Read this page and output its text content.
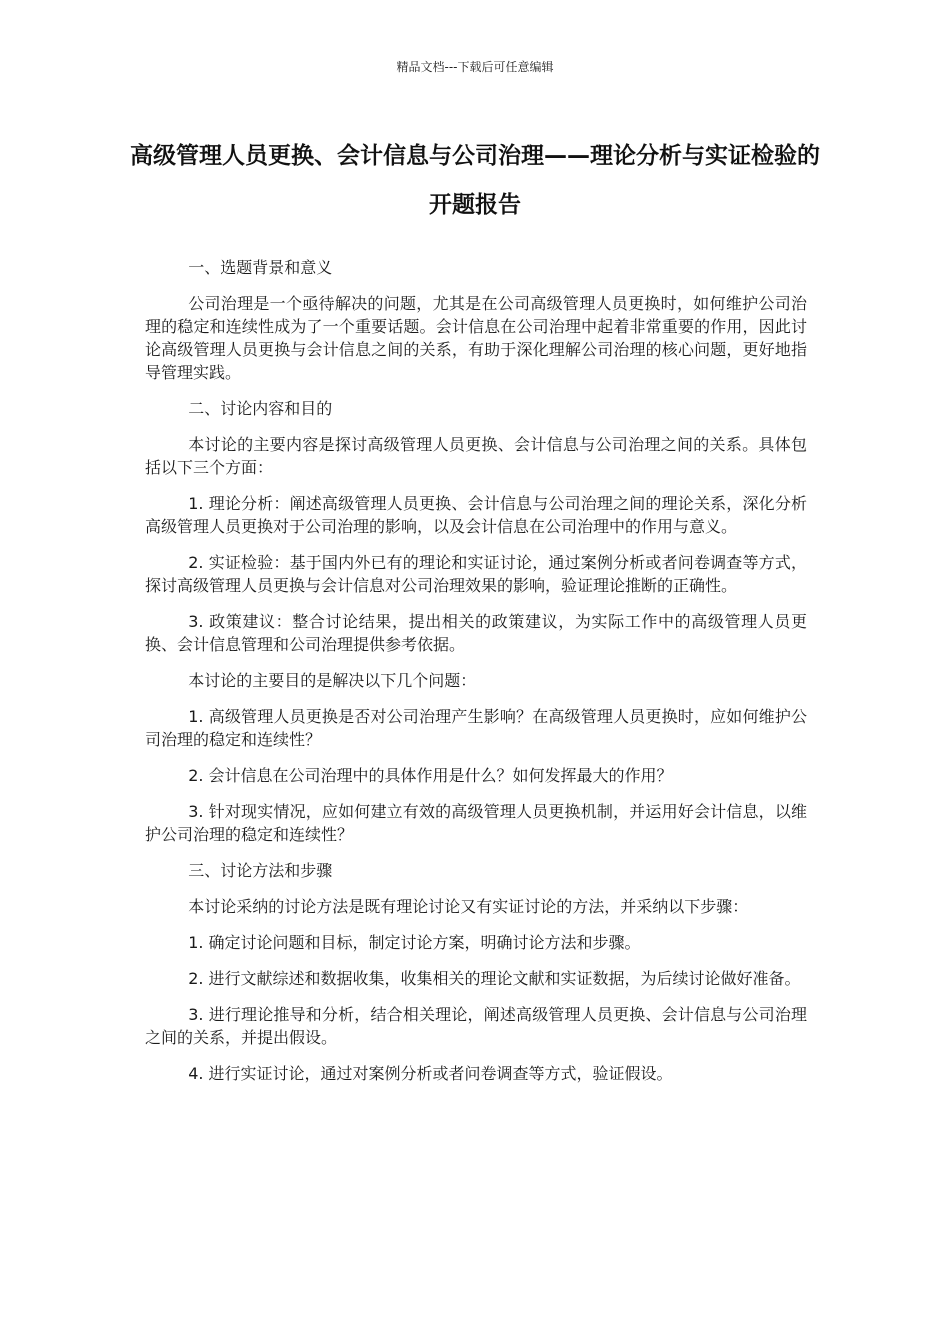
精品文档---下载后可任意编辑
高级管理人员更换、会计信息与公司治理——理论分析与实证检验的开题报告

一、选题背景和意义

公司治理是一个亟待解决的问题，尤其是在公司高级管理人员更换时，如何维护公司治理的稳定和连续性成为了一个重要话题。会计信息在公司治理中起着非常重要的作用，因此讨论高级管理人员更换与会计信息之间的关系，有助于深化理解公司治理的核心问题，更好地指导管理实践。

二、讨论内容和目的

本讨论的主要内容是探讨高级管理人员更换、会计信息与公司治理之间的关系。具体包括以下三个方面：

1. 理论分析：阐述高级管理人员更换、会计信息与公司治理之间的理论关系，深化分析高级管理人员更换对于公司治理的影响，以及会计信息在公司治理中的作用与意义。

2. 实证检验：基于国内外已有的理论和实证讨论，通过案例分析或者问卷调查等方式，探讨高级管理人员更换与会计信息对公司治理效果的影响，验证理论推断的正确性。

3. 政策建议：整合讨论结果，提出相关的政策建议，为实际工作中的高级管理人员更换、会计信息管理和公司治理提供参考依据。

本讨论的主要目的是解决以下几个问题：

1. 高级管理人员更换是否对公司治理产生影响？在高级管理人员更换时，应如何维护公司治理的稳定和连续性？

2. 会计信息在公司治理中的具体作用是什么？如何发挥最大的作用？

3. 针对现实情况，应如何建立有效的高级管理人员更换机制，并运用好会计信息，以维护公司治理的稳定和连续性？

三、讨论方法和步骤

本讨论采纳的讨论方法是既有理论讨论又有实证讨论的方法，并采纳以下步骤：

1. 确定讨论问题和目标，制定讨论方案，明确讨论方法和步骤。

2. 进行文献综述和数据收集，收集相关的理论文献和实证数据，为后续讨论做好准备。

3. 进行理论推导和分析，结合相关理论，阐述高级管理人员更换、会计信息与公司治理之间的关系，并提出假设。

4. 进行实证讨论，通过对案例分析或者问卷调查等方式，验证假设。
